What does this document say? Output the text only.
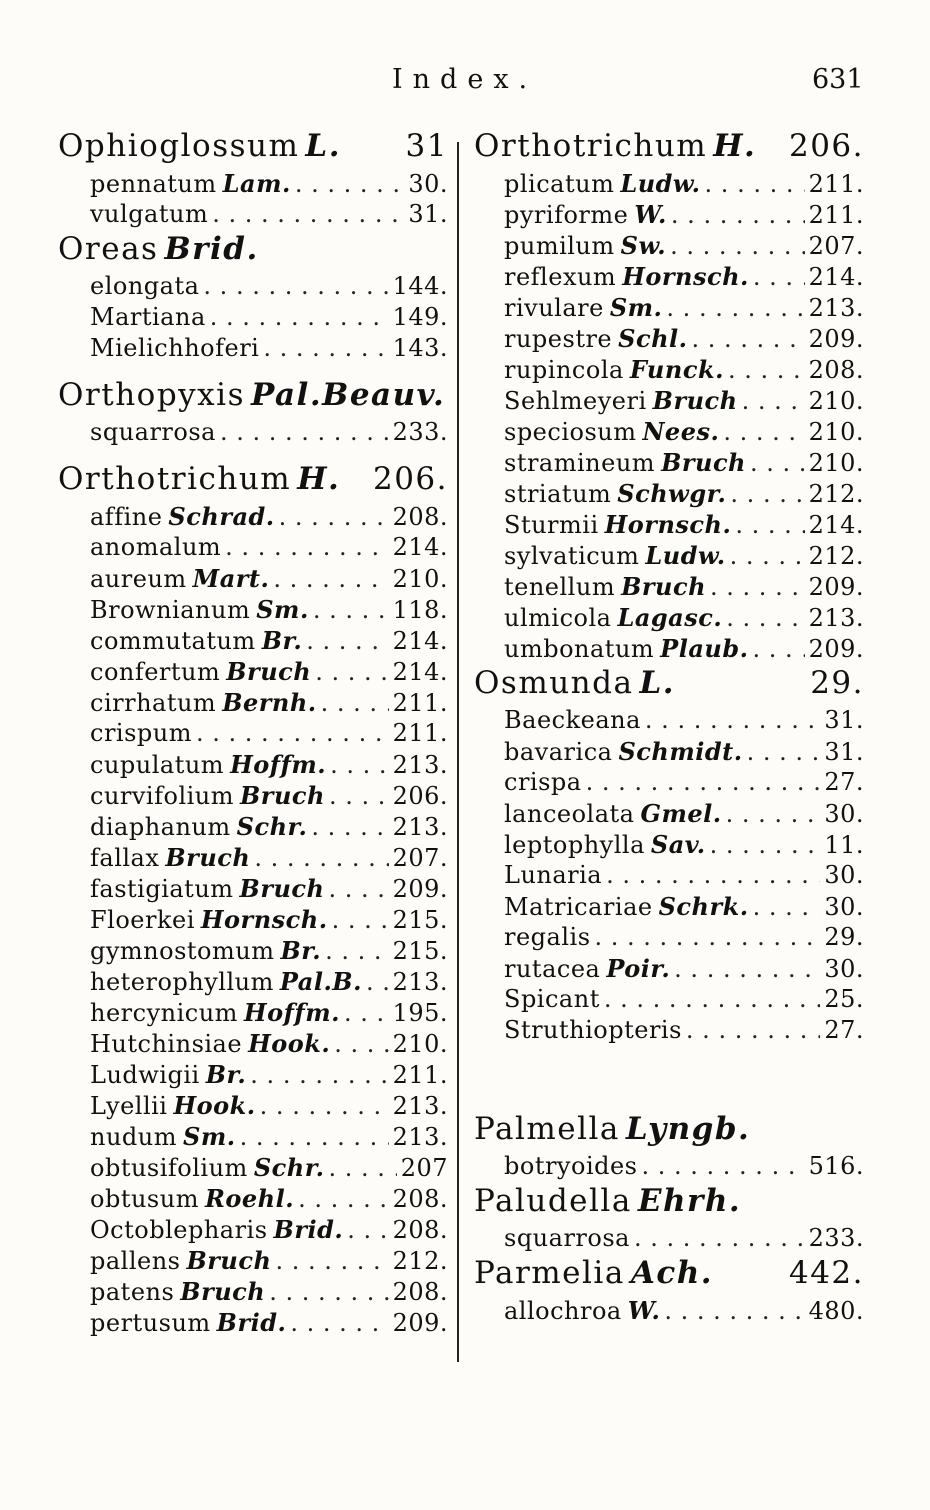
Index.	631
Ophioglossum L. 31
pennatum Lam. . . .	30.
vulgatum . . .	31.
Oreas Brid.
elongata . . .	144.
Martiana . . .	149.
Mielichhoferi . . .	143.
Orthopyxis Pal.Beauv.
squarrosa . . .	233.
Orthotrichum H. 206.
affine Schrad. . . .	208.
anomalum . . .	214.
aureum Mart. . . .	210.
Brownianum Sm. . . .	118.
commutatum Br. . . .	214.
confertum Bruch . . .	214.
cirrhatum Bernh. . . .	211.
crispum . . .	211.
cupulatum Hoffm. . . .	213.
curvifolium Bruch . . .	206.
diaphanum Schr. . . .	213.
fallax Bruch . . .	207.
fastigiatum Bruch . . .	209.
Floerkei Hornsch. . . .	215.
gymnostomum Br. . . .	215.
heterophyllum Pal.B. . . . 213.
hercynicum Hoffm. . . . 195.
Hutchinsiae Hook. . . .	210.
Ludwigii Br. . . .	211.
Lyellii Hook. . . .	213.
nudum Sm. . . .	213.
obtusifolium Schr. . . .	207
obtusum Roehl. . . .	208.
Octoblepharis Brid. . . . 208.
pallens Bruch . . .	212.
patens Bruch . . .	208.
pertusum Brid. . . .	209.
Orthotrichum H. 206.
plicatum Ludw. . . .	211.
pyriforme W. . . .	211.
pumilum Sw. . . .	207.
reflexum Hornsch. . . . 214.
rivulare Sm. . . .	213.
rupestre Schl. . . .	209.
rupincola Funck. . . .	208.
Sehlmeyeri Bruch . . .	210.
speciosum Nees. . . .	210.
stramineum Bruch . . .	210.
striatum Schwgr. . . .	212.
Sturmii Hornsch. . . .	214.
sylvaticum Ludw. . . .	212.
tenellum Bruch . . .	209.
ulmicola Lagasc. . . .	213.
umbonatum Plaub. . . .	209.
Osmunda L.	29.
Baeckeana . . .	31.
bavarica Schmidt. . . .	31.
crispa . . .	27.
lanceolata Gmel. . . .	30.
leptophylla Sav. . . .	11.
Lunaria . . .	30.
Matricariae Schrk. . . .	30.
regalis . . .	29.
rutacea Poir. . . .	30.
Spicant . . .	25.
Struthiopteris . . .	27.
Palmella Lyngb.
botryoides . . .	516.
Paludella Ehrh.
squarrosa . . .	233.
Parmelia Ach. 442.
allochroa W. . . .	480.
